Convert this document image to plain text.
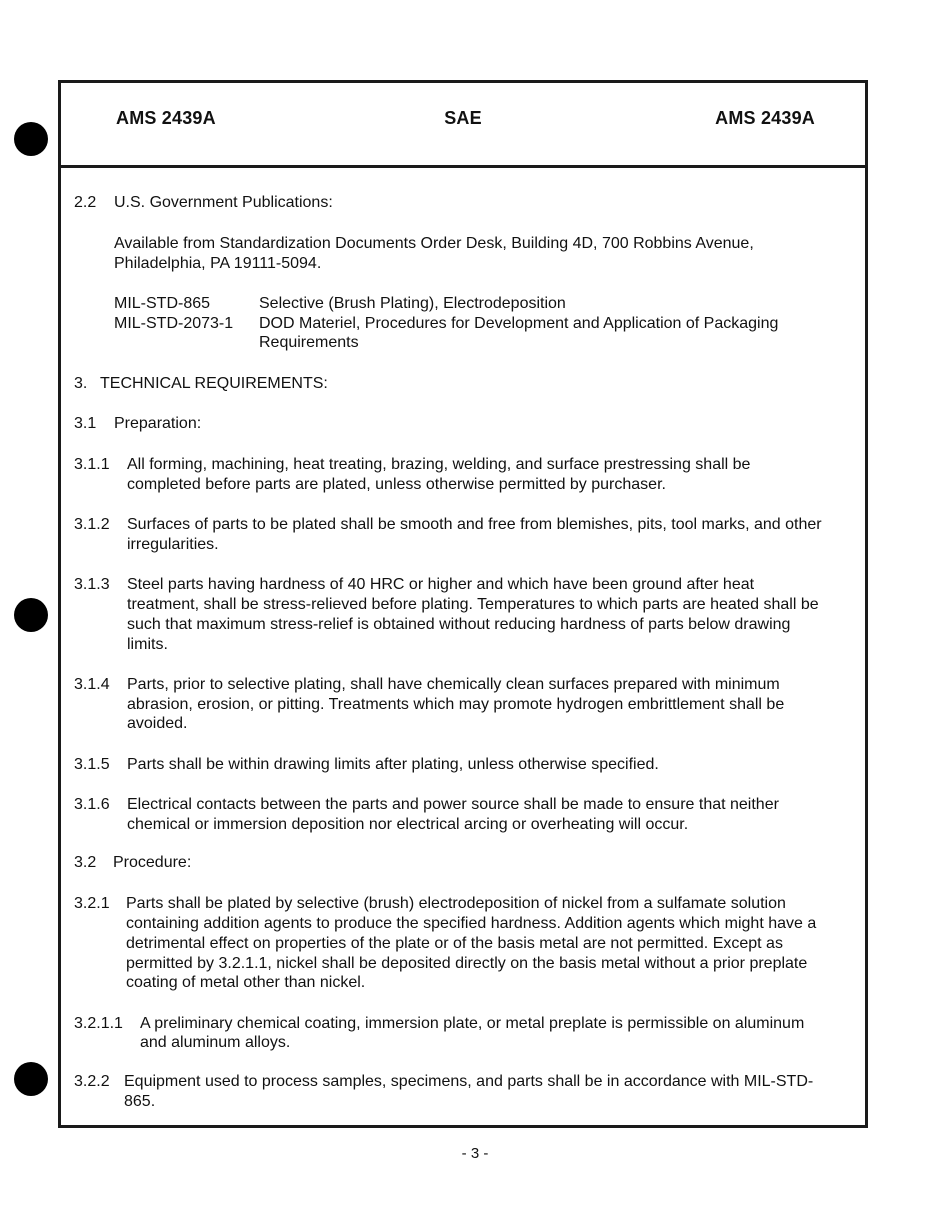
AMS 2439A	SAE	AMS 2439A
2.2 U.S. Government Publications:
Available from Standardization Documents Order Desk, Building 4D, 700 Robbins Avenue,
Philadelphia, PA 19111-5094.
MIL-STD-865	Selective (Brush Plating), Electrodeposition
MIL-STD-2073-1 DOD Materiel, Procedures for Development and Application of Packaging
Requirements
3. TECHNICAL REQUIREMENTS:
3.1 Preparation:
3.1.1 All forming, machining, heat treating, brazing, welding, and surface prestressing shall be
completed before parts are plated, unless otherwise permitted by purchaser.
3.1.2 Surfaces of parts to be plated shall be smooth and free from blemishes, pits, tool marks, and other
irregularities.
3.1.3 Steel parts having hardness of 40 HRC or higher and which have been ground after heat
treatment, shall be stress-relieved before plating. Temperatures to which parts are heated shall be
such that maximum stress-relief is obtained without reducing hardness of parts below drawing
limits.
3.1.4 Parts, prior to selective plating, shall have chemically clean surfaces prepared with minimum
abrasion, erosion, or pitting. Treatments which may promote hydrogen embrittlement shall be
avoided.
3.1.5 Parts shall be within drawing limits after plating, unless otherwise specified.
3.1.6 Electrical contacts between the parts and power source shall be made to ensure that neither
chemical or immersion deposition nor electrical arcing or overheating will occur.
3.2 Procedure:
3.2.1 Parts shall be plated by selective (brush) electrodeposition of nickel from a sulfamate solution
containing addition agents to produce the specified hardness. Addition agents which might have a
detrimental effect on properties of the plate or of the basis metal are not permitted. Except as
permitted by 3.2.1.1, nickel shall be deposited directly on the basis metal without a prior preplate
coating of metal other than nickel.
3.2.1.1 A preliminary chemical coating, immersion plate, or metal preplate is permissible on aluminum
and aluminum alloys.
3.2.2 Equipment used to process samples, specimens, and parts shall be in accordance with MIL-STD-
865.
- 3 -
